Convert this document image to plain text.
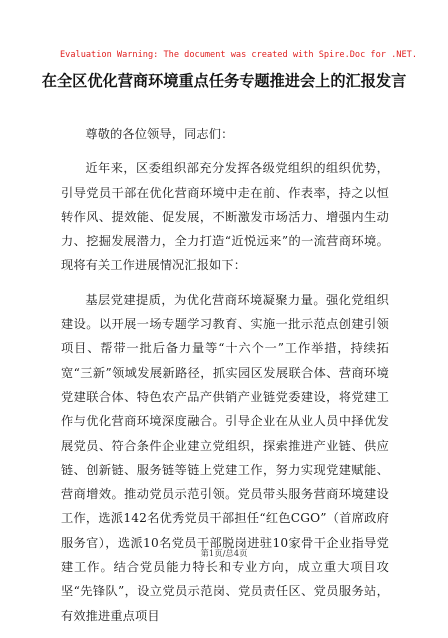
Evaluation Warning: The document was created with Spire.Doc for .NET.
在全区优化营商环境重点任务专题推进会上的汇报发言

尊敬的各位领导，同志们：

近年来，区委组织部充分发挥各级党组织的组织优势，引导党员干部在优化营商环境中走在前、作表率，持之以恒转作风、提效能、促发展，不断激发市场活力、增强内生动力、挖掘发展潜力，全力打造“近悦远来”的一流营商环境。现将有关工作进展情况汇报如下：

基层党建提质，为优化营商环境凝聚力量。强化党组织建设。以开展一场专题学习教育、实施一批示范点创建引领项目、帮带一批后备力量等“十六个一”工作举措，持续拓宽“三新”领域发展新路径，抓实园区发展联合体、营商环境党建联合体、特色农产品产供销产业链党委建设，将党建工作与优化营商环境深度融合。引导企业在从业人员中择优发展党员、符合条件企业建立党组织，探索推进产业链、供应链、创新链、服务链等链上党建工作，努力实现党建赋能、营商增效。推动党员示范引领。党员带头服务营商环境建设工作，选派142名优秀党员干部担任“红色CGO”（首席政府服务官），选派10名党员干部脱岗进驻10家骨干企业指导党建工作。结合党员能力特长和专业方向，成立重大项目攻坚“先锋队”，设立党员示范岗、党员责任区、党员服务站，有效推进重点项目

第1页/总4页
